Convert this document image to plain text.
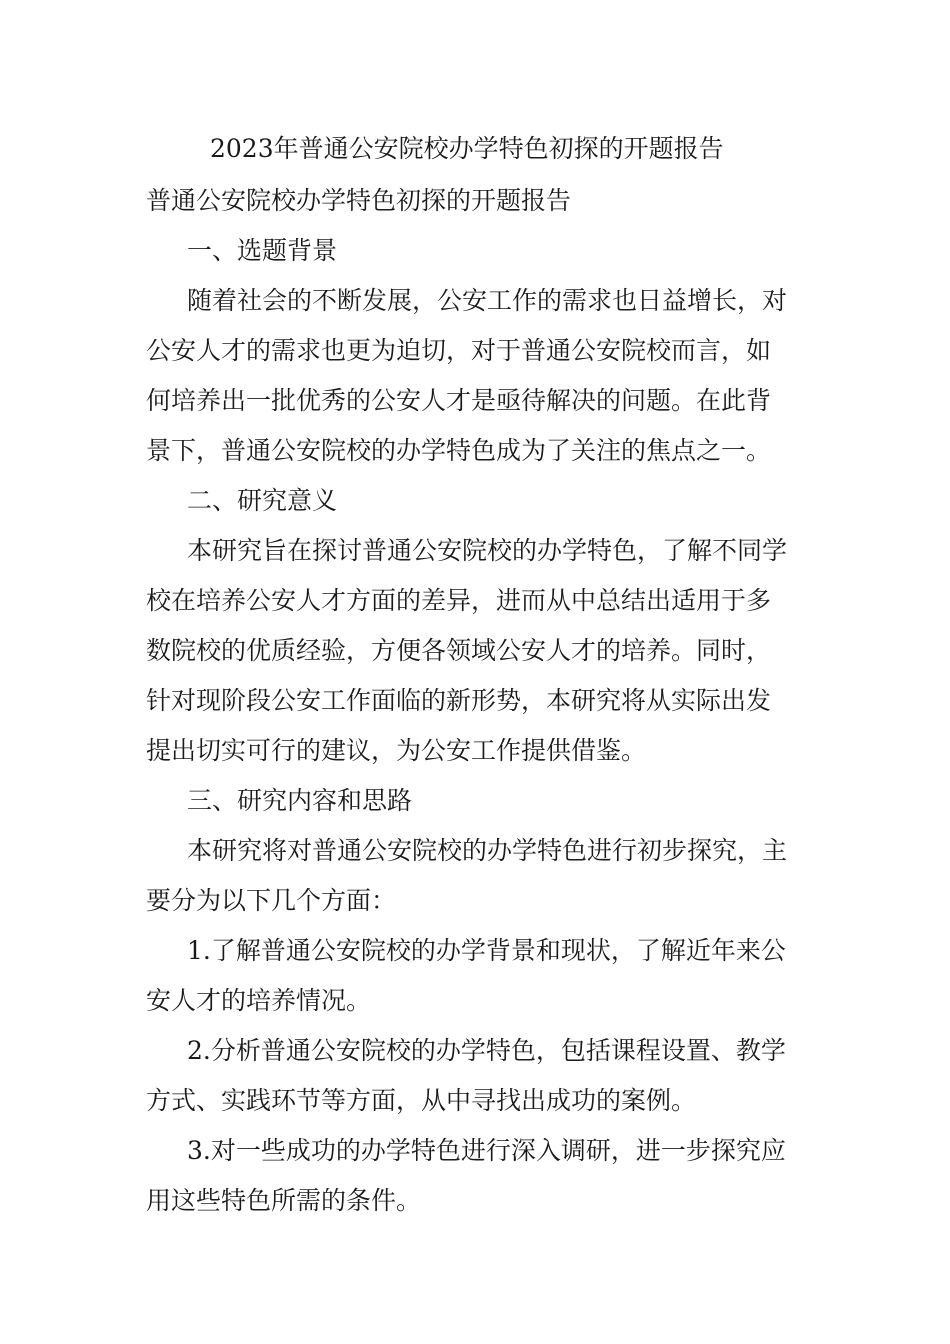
2023年普通公安院校办学特色初探的开题报告
普通公安院校办学特色初探的开题报告
一、选题背景
随着社会的不断发展，公安工作的需求也日益增长，对
公安人才的需求也更为迫切，对于普通公安院校而言，如
何培养出一批优秀的公安人才是亟待解决的问题。在此背
景下，普通公安院校的办学特色成为了关注的焦点之一。
二、研究意义
本研究旨在探讨普通公安院校的办学特色，了解不同学
校在培养公安人才方面的差异，进而从中总结出适用于多
数院校的优质经验，方便各领域公安人才的培养。同时，
针对现阶段公安工作面临的新形势，本研究将从实际出发
提出切实可行的建议，为公安工作提供借鉴。
三、研究内容和思路
本研究将对普通公安院校的办学特色进行初步探究，主
要分为以下几个方面：
1.了解普通公安院校的办学背景和现状，了解近年来公
安人才的培养情况。
2.分析普通公安院校的办学特色，包括课程设置、教学
方式、实践环节等方面，从中寻找出成功的案例。
3.对一些成功的办学特色进行深入调研，进一步探究应
用这些特色所需的条件。
